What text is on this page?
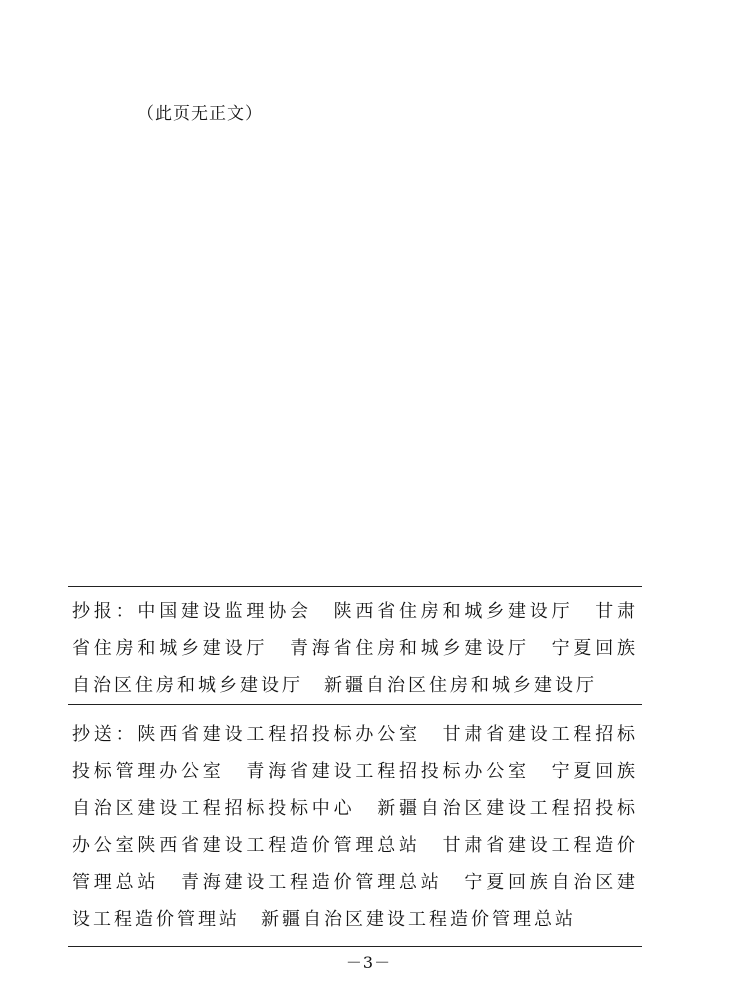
（此页无正文）
抄报：中国建设监理协会　陕西省住房和城乡建设厅　甘肃省住房和城乡建设厅　青海省住房和城乡建设厅　宁夏回族自治区住房和城乡建设厅　新疆自治区住房和城乡建设厅
抄送：陕西省建设工程招投标办公室　甘肃省建设工程招标投标管理办公室　青海省建设工程招投标办公室　宁夏回族自治区建设工程招标投标中心　新疆自治区建设工程招投标办公室陕西省建设工程造价管理总站　甘肃省建设工程造价管理总站　青海建设工程造价管理总站　宁夏回族自治区建设工程造价管理站　新疆自治区建设工程造价管理总站
－3－
